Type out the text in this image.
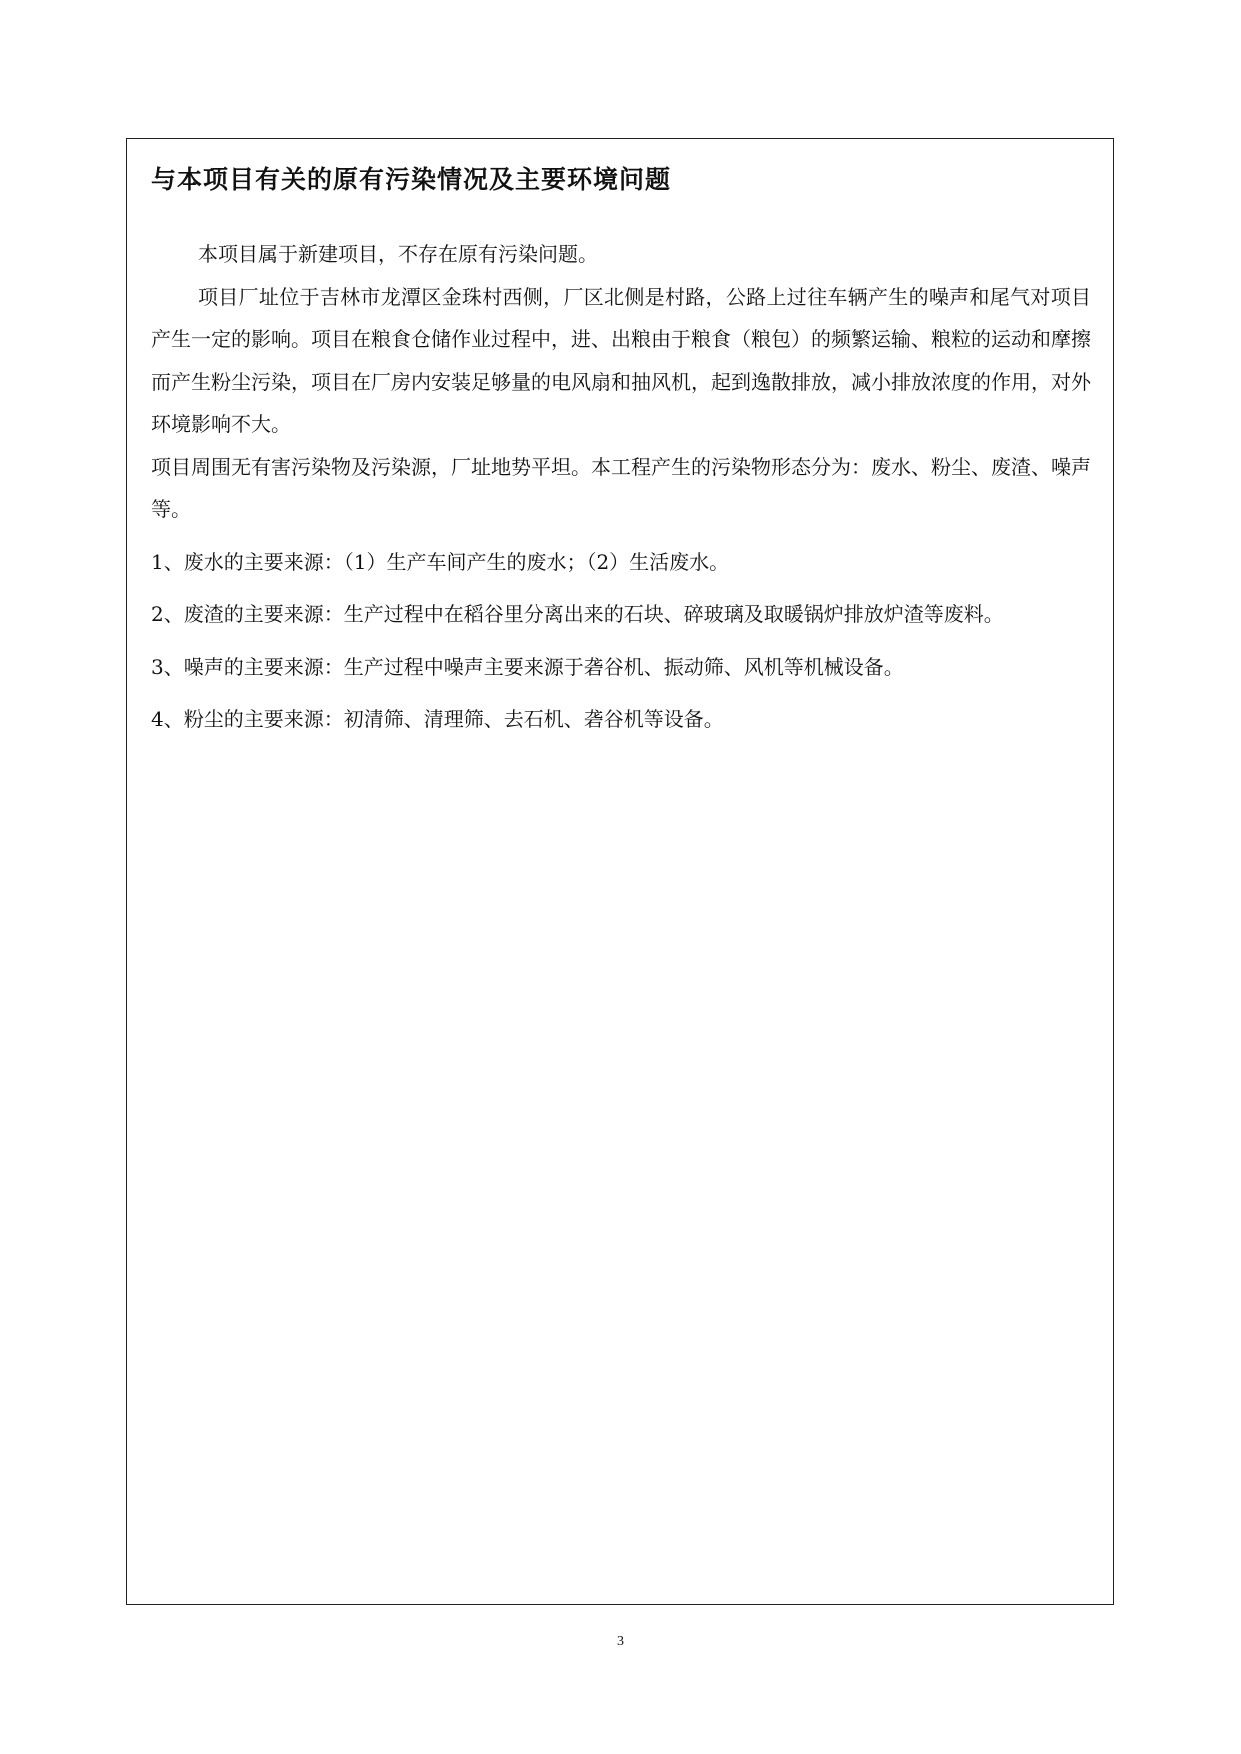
与本项目有关的原有污染情况及主要环境问题

本项目属于新建项目，不存在原有污染问题。

项目厂址位于吉林市龙潭区金珠村西侧，厂区北侧是村路，公路上过往车辆产生的噪声和尾气对项目产生一定的影响。项目在粮食仓储作业过程中，进、出粮由于粮食（粮包）的频繁运输、粮粒的运动和摩擦而产生粉尘污染，项目在厂房内安装足够量的电风扇和抽风机，起到逸散排放，减小排放浓度的作用，对外环境影响不大。

项目周围无有害污染物及污染源，厂址地势平坦。本工程产生的污染物形态分为：废水、粉尘、废渣、噪声等。

1、废水的主要来源：（1）生产车间产生的废水；（2）生活废水。

2、废渣的主要来源：生产过程中在稻谷里分离出来的石块、碎玻璃及取暖锅炉排放炉渣等废料。

3、噪声的主要来源：生产过程中噪声主要来源于砻谷机、振动筛、风机等机械设备。

4、粉尘的主要来源：初清筛、清理筛、去石机、砻谷机等设备。

3
